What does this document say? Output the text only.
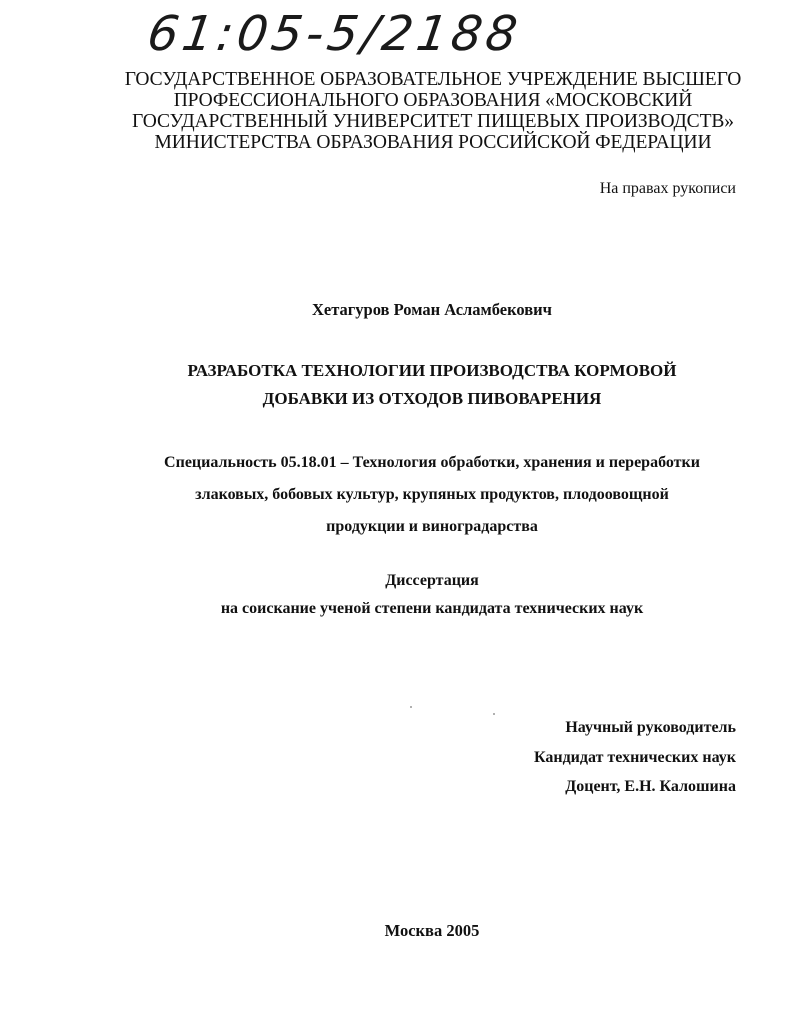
61:05-5/2188
ГОСУДАРСТВЕННОЕ ОБРАЗОВАТЕЛЬНОЕ УЧРЕЖДЕНИЕ ВЫСШЕГО
ПРОФЕССИОНАЛЬНОГО ОБРАЗОВАНИЯ «МОСКОВСКИЙ
ГОСУДАРСТВЕННЫЙ УНИВЕРСИТЕТ ПИЩЕВЫХ ПРОИЗВОДСТВ»
МИНИСТЕРСТВА ОБРАЗОВАНИЯ РОССИЙСКОЙ ФЕДЕРАЦИИ
На правах рукописи
Хетагуров Роман Асламбекович
РАЗРАБОТКА ТЕХНОЛОГИИ ПРОИЗВОДСТВА КОРМОВОЙ
ДОБАВКИ ИЗ ОТХОДОВ ПИВОВАРЕНИЯ
Специальность 05.18.01 – Технология обработки, хранения и переработки
злаковых, бобовых культур, крупяных продуктов, плодоовощной
продукции и виноградарства
Диссертация
на соискание ученой степени кандидата технических наук
Научный руководитель
Кандидат технических наук
Доцент, Е.Н. Калошина
Москва 2005
